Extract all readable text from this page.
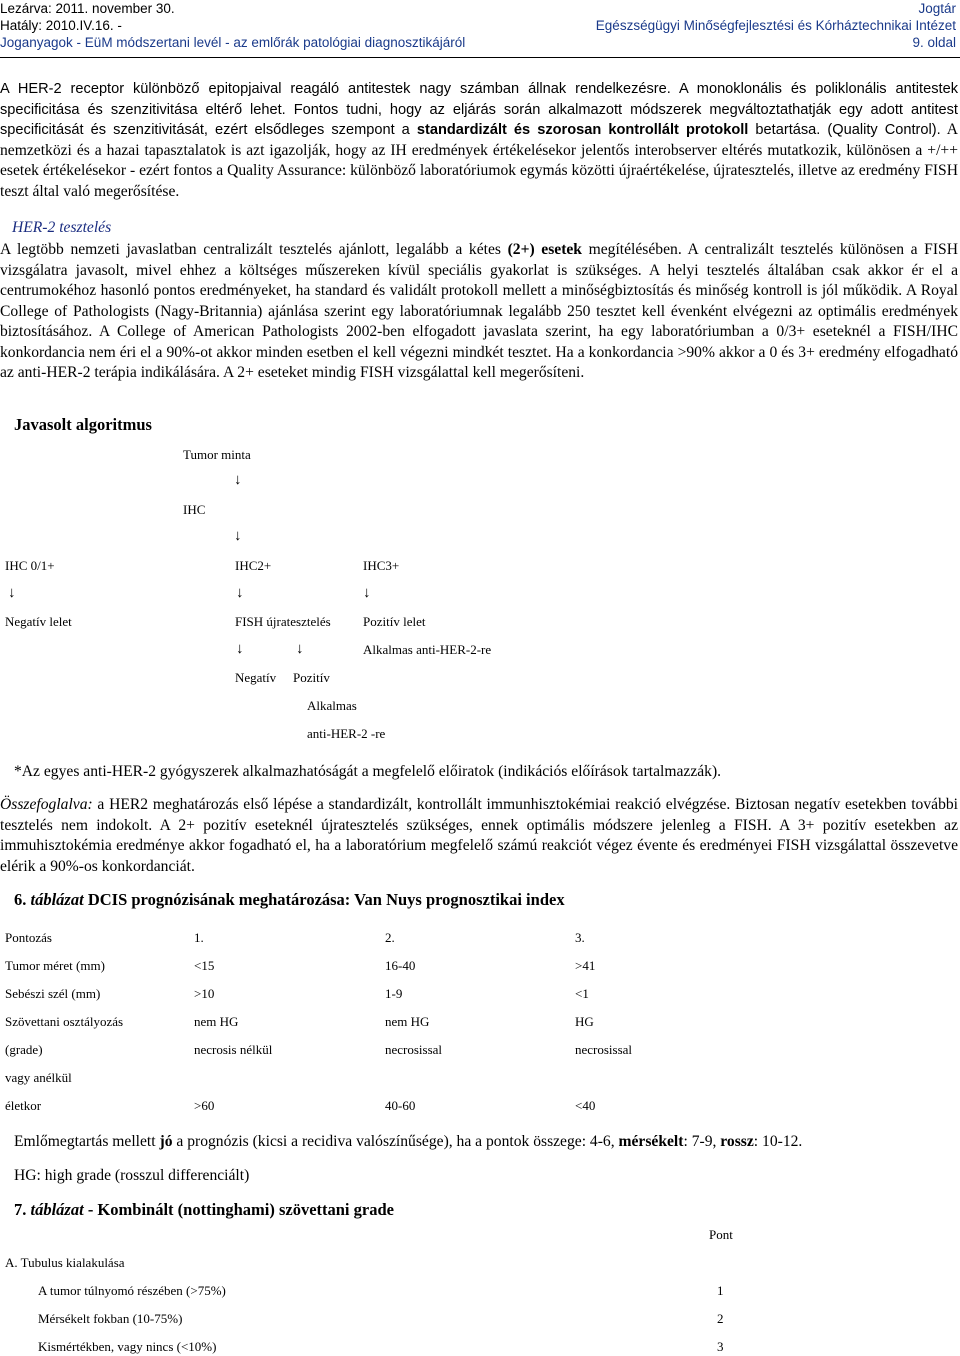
Lezárva: 2011. november 30.
Hatály: 2010.IV.16. -
Joganyagok - EüM módszertani levél - az emlőrák patológiai diagnosztikájáról
Jogtár
Egészségügyi Minőségfejlesztési és Kórháztechnikai Intézet
9. oldal
A HER-2 receptor különböző epitopjaival reagáló antitestek nagy számban állnak rendelkezésre. A monoklonális és poliklonális antitestek specificitása és szenzitivitása eltérő lehet. Fontos tudni, hogy az eljárás során alkalmazott módszerek megváltoztathatják egy adott antitest specificitását és szenzitivitását, ezért elsődleges szempont a standardizált és szorosan kontrollált protokoll betartása. (Quality Control). A nemzetközi és a hazai tapasztalatok is azt igazolják, hogy az IH eredmények értékelésekor jelentős interobserver eltérés mutatkozik, különösen a +/++ esetek értékelésekor - ezért fontos a Quality Assurance: különböző laboratóriumok egymás közötti újraértékelése, újratesztelés, illetve az eredmény FISH teszt által való megerősítése.
HER-2 tesztelés
A legtöbb nemzeti javaslatban centralizált tesztelés ajánlott, legalább a kétes (2+) esetek megítélésében. A centralizált tesztelés különösen a FISH vizsgálatra javasolt, mivel ehhez a költséges műszereken kívül speciális gyakorlat is szükséges. A helyi tesztelés általában csak akkor ér el a centrumokéhoz hasonló pontos eredményeket, ha standard és validált protokoll mellett a minőségbiztosítás és minőség kontroll is jól működik. A Royal College of Pathologists (Nagy-Britannia) ajánlása szerint egy laboratóriumnak legalább 250 tesztet kell évenként elvégezni az optimális eredmények biztosításához. A College of American Pathologists 2002-ben elfogadott javaslata szerint, ha egy laboratóriumban a 0/3+ eseteknél a FISH/IHC konkordancia nem éri el a 90%-ot akkor minden esetben el kell végezni mindkét tesztet. Ha a konkordancia >90% akkor a 0 és 3+ eredmény elfogadható az anti-HER-2 terápia indikálására. A 2+ eseteket mindig FISH vizsgálattal kell megerősíteni.
Javasolt algoritmus
Tumor minta
↓
IHC
↓
IHC 0/1+	IHC2+	IHC3+
↓	↓	↓
Negatív lelet	FISH újratesztelés Pozitív lelet
↓	↓	Alkalmas anti-HER-2-re
Negatív Pozitív
Alkalmas
anti-HER-2 -re
*Az egyes anti-HER-2 gyógyszerek alkalmazhatóságát a megfelelő előiratok (indikációs előírások tartalmazzák).
Összefoglalva: a HER2 meghatározás első lépése a standardizált, kontrollált immunhisztokémiai reakció elvégzése. Biztosan negatív esetekben további tesztelés nem indokolt. A 2+ pozitív eseteknél újratesztelés szükséges, ennek optimális módszere jelenleg a FISH. A 3+ pozitív esetekben az immuhisztokémia eredménye akkor fogadható el, ha a laboratórium megfelelő számú reakciót végez évente és eredményei FISH vizsgálattal összevetve elérik a 90%-os konkordanciát.
6. táblázat DCIS prognózisának meghatározása: Van Nuys prognosztikai index
Pontozás	1.	2.	3.
Tumor méret (mm)	<15	16-40	>41
Sebészi szél (mm)	>10	1-9	<1
Szövettani osztályozás	nem HG	nem HG	HG
(grade)	necrosis nélkül	necrosissal	necrosissal
vagy anélkül
életkor	>60	40-60	<40
Emlőmegtartás mellett jó a prognózis (kicsi a recidiva valószínűsége), ha a pontok összege: 4-6, mérsékelt: 7-9, rossz: 10-12.
HG: high grade (rosszul differenciált)
7. táblázat - Kombinált (nottinghami) szövettani grade
Pont
A. Tubulus kialakulása
A tumor túlnyomó részében (>75%)	1
Mérsékelt fokban (10-75%)	2
Kismértékben, vagy nincs (<10%)	3
